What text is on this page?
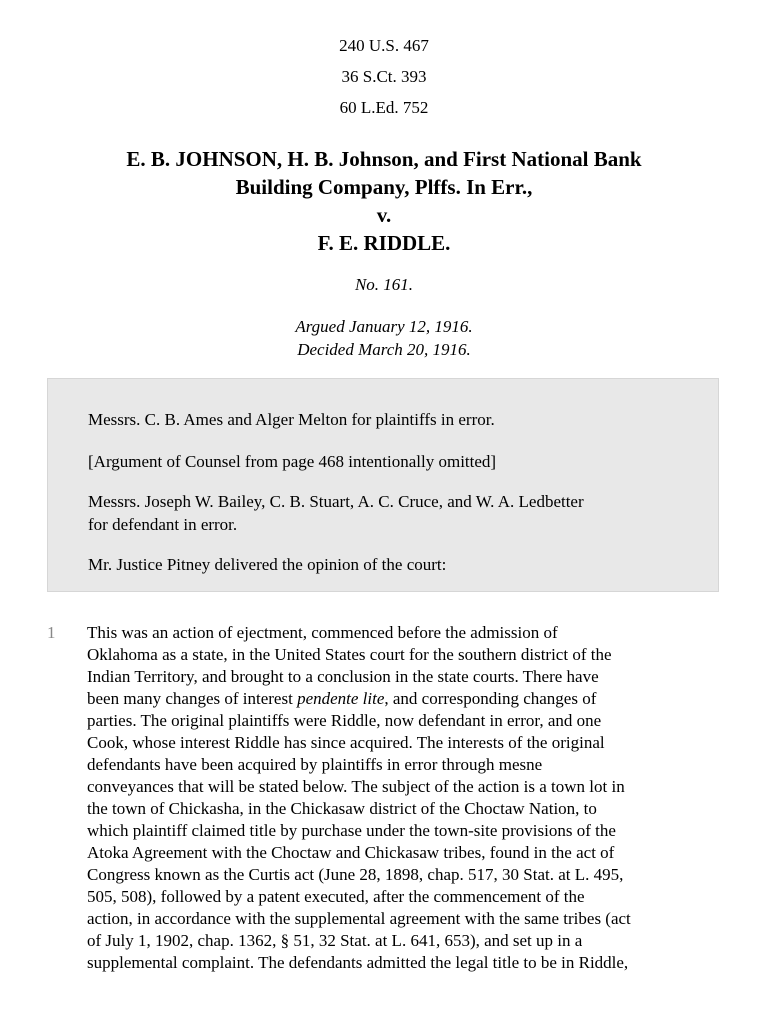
240 U.S. 467
36 S.Ct. 393
60 L.Ed. 752
E. B. JOHNSON, H. B. Johnson, and First National Bank
Building Company, Plffs. In Err.,
v.
F. E. RIDDLE.
No. 161.
Argued January 12, 1916.
Decided March 20, 1916.

Messrs. C. B. Ames and Alger Melton for plaintiffs in error.

[Argument of Counsel from page 468 intentionally omitted]

Messrs. Joseph W. Bailey, C. B. Stuart, A. C. Cruce, and W. A. Ledbetter

for defendant in error.

Mr. Justice Pitney delivered the opinion of the court:

1 This was an action of ejectment, commenced before the admission of
Oklahoma as a state, in the United States court for the southern district of the
Indian Territory, and brought to a conclusion in the state courts. There have
been many changes of interest pendente lite, and corresponding changes of
parties. The original plaintiffs were Riddle, now defendant in error, and one
Cook, whose interest Riddle has since acquired. The interests of the original
defendants have been acquired by plaintiffs in error through mesne
conveyances that will be stated below. The subject of the action is a town lot in
the town of Chickasha, in the Chickasaw district of the Choctaw Nation, to
which plaintiff claimed title by purchase under the town-site provisions of the
Atoka Agreement with the Choctaw and Chickasaw tribes, found in the act of
Congress known as the Curtis act (June 28, 1898, chap. 517, 30 Stat. at L. 495,
505, 508), followed by a patent executed, after the commencement of the
action, in accordance with the supplemental agreement with the same tribes (act
of July 1, 1902, chap. 1362, § 51, 32 Stat. at L. 641, 653), and set up in a
supplemental complaint. The defendants admitted the legal title to be in Riddle,
